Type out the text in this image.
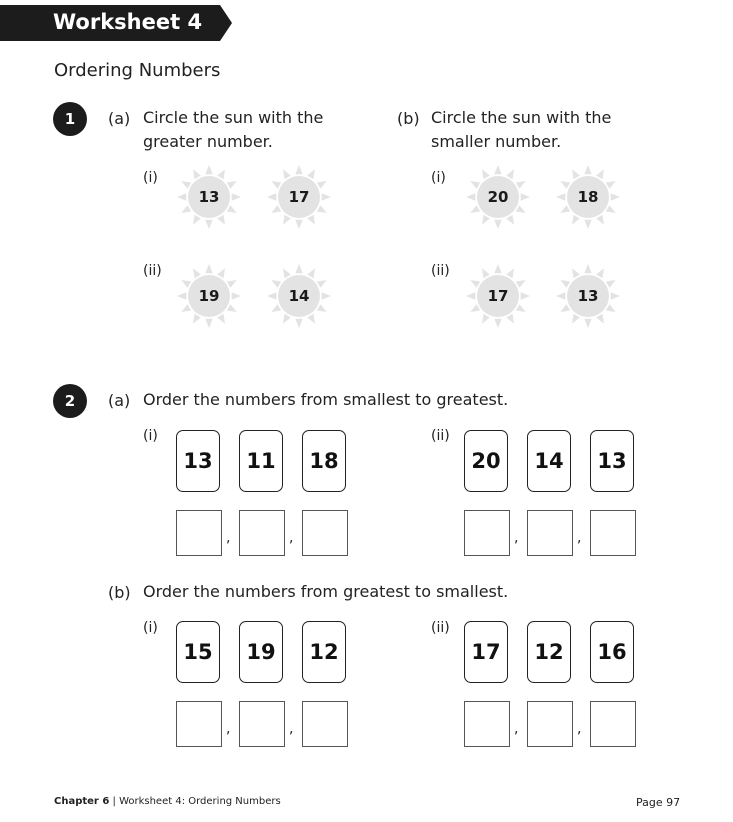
Worksheet 4
Ordering Numbers
1	(a) Circle the sun with the
greater number.
(b) Circle the sun with the
smaller number.
(i)
13	17
(ii)
19	14
(i)
20	18
(ii)
17	13
2	(a) Order the numbers from smallest to greatest.
(i)
13	11	18
,	,
(ii)
20	14	13
,	,
(b) Order the numbers from greatest to smallest.
(i)
15	19	12
,	,
(ii)
17	12	16
,	,
Chapter 6 | Worksheet 4: Ordering Numbers	Page 97
